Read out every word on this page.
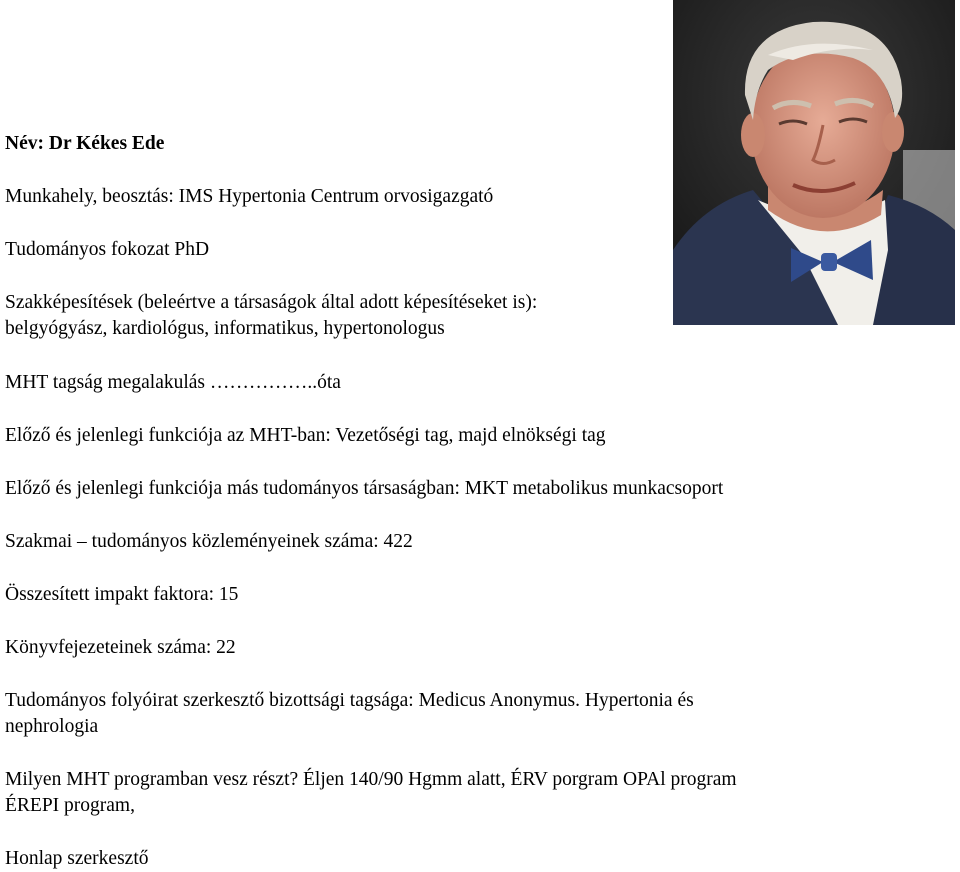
Név: Dr Kékes Ede
Munkahely, beosztás: IMS Hypertonia Centrum orvosigazgató
Tudományos fokozat PhD
Szakképesítések (beleértve a társaságok által adott képesítéseket is):
belgyógyász, kardiológus, informatikus, hypertonologus
MHT tagság megalakulás ……………..óta
Előző és jelenlegi funkciója az MHT-ban: Vezetőségi tag, majd elnökségi tag
Előző és jelenlegi funkciója más tudományos társaságban: MKT metabolikus munkacsoport
Szakmai – tudományos közleményeinek száma: 422
Összesített impakt faktora: 15
Könyvfejezeteinek száma: 22
Tudományos folyóirat szerkesztő bizottsági tagsága: Medicus Anonymus. Hypertonia és
nephrologia
Milyen MHT programban vesz részt? Éljen 140/90 Hgmm alatt, ÉRV porgram OPAl program
ÉREPI program,
Honlap szerkesztő
